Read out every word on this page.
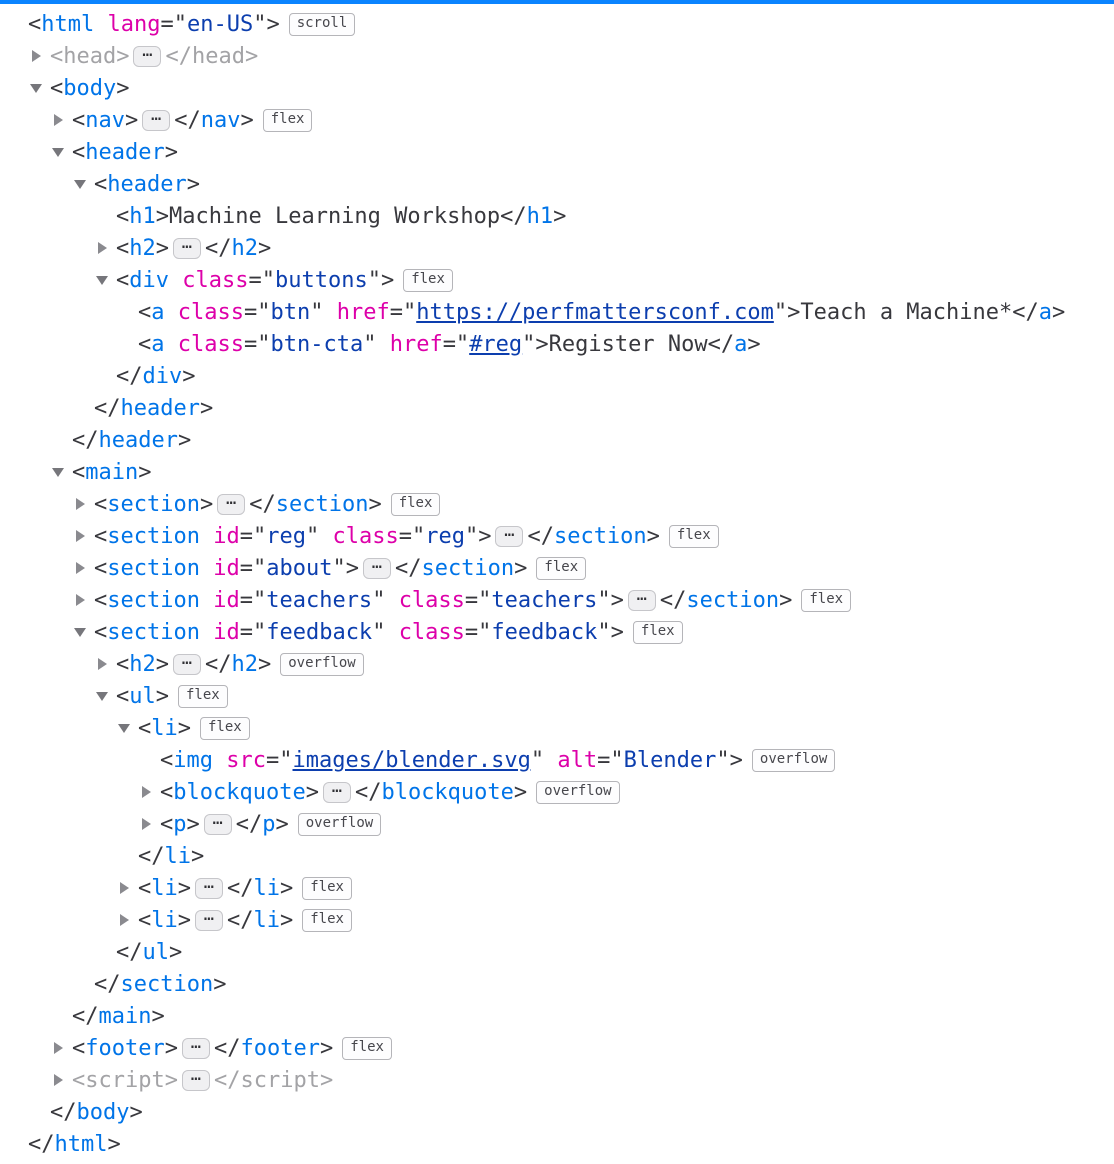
< html
lang =" en-US ">	scroll
< head > ⋯ </ head >
< body >
< nav > ⋯ </ nav >	flex
< header >
< header >
< h1 > Machine Learning Workshop </ h1 >
< h2 > ⋯ </ h2 >
< div
class =" buttons ">	flex
< a
class =" btn " href =" https://perfmattersconf.com "> Teach a Machine* </ a >
< a
class =" btn-cta " href =" #reg "> Register Now </ a >
</ div >
</ header >
</ header >
< main >
< section > ⋯ </ section >	flex
< section
id =" reg " class =" reg "> ⋯ </ section >	flex
< section
id =" about "> ⋯ </ section >	flex
< section
id =" teachers " class =" teachers "> ⋯ </ section >	flex
< section
id =" feedback " class =" feedback ">	flex
< h2 > ⋯ </ h2 >	overflow
< ul >	flex
< li >	flex
< img
src =" images/blender.svg " alt =" Blender ">	overflow
< blockquote > ⋯ </ blockquote >	overflow
< p > ⋯ </ p >	overflow
</ li >
< li > ⋯ </ li >	flex
< li > ⋯ </ li >	flex
</ ul >
</ section >
</ main >
< footer > ⋯ </ footer >	flex
< script > ⋯ </ script >
</ body >
</ html >
